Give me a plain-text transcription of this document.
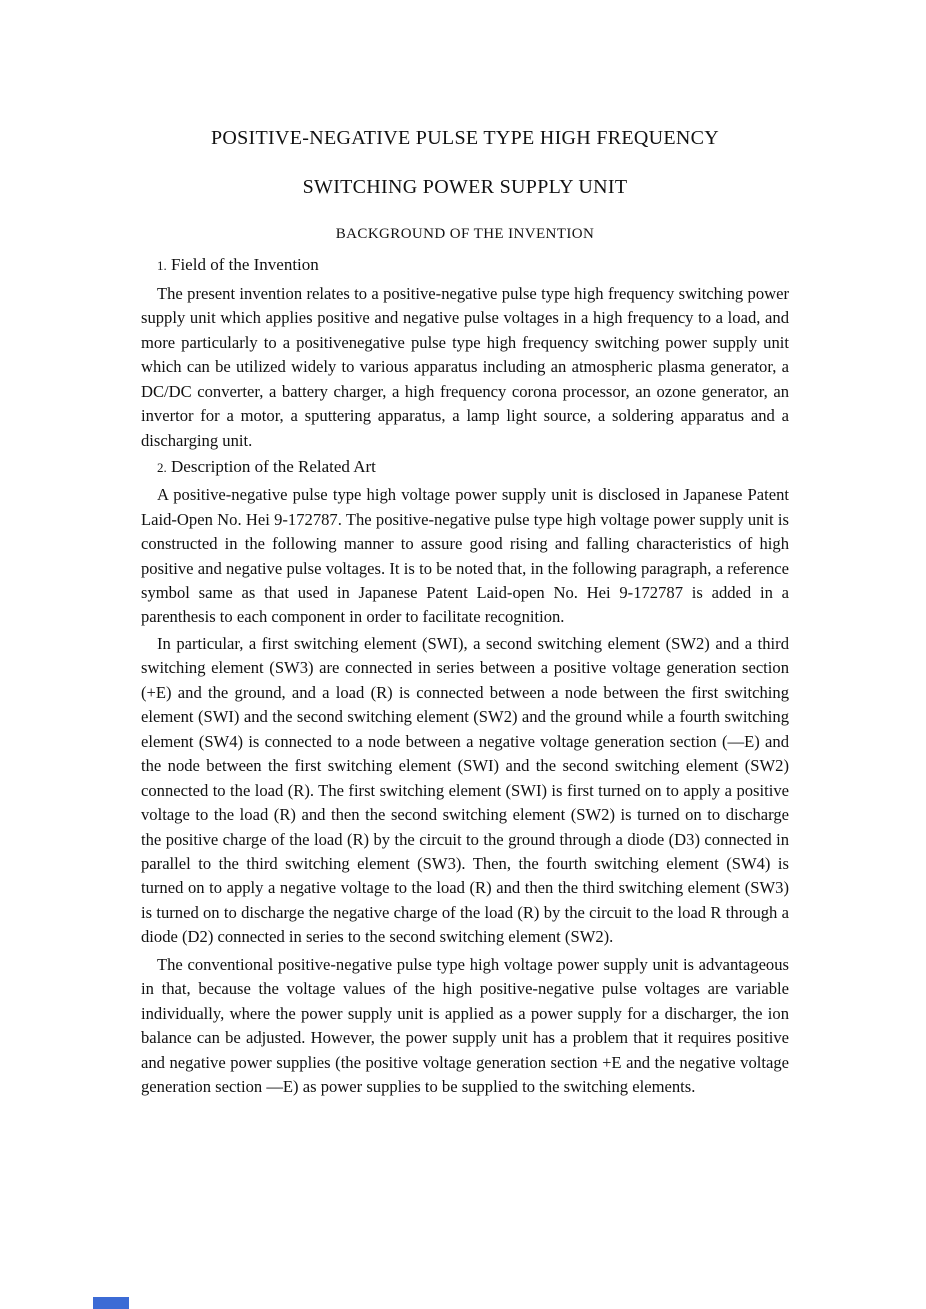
POSITIVE-NEGATIVE PULSE TYPE HIGH FREQUENCY
SWITCHING POWER SUPPLY UNIT
BACKGROUND OF THE INVENTION
1. Field of the Invention

The present invention relates to a positive-negative pulse type high frequency switching power supply unit which applies positive and negative pulse voltages in a high frequency to a load, and more particularly to a positivenegative pulse type high frequency switching power supply unit which can be utilized widely to various apparatus including an atmospheric plasma generator, a DC/DC converter, a battery charger, a high frequency corona processor, an ozone generator, an invertor for a motor, a sputtering apparatus, a lamp light source, a soldering apparatus and a discharging unit.

2. Description of the Related Art

A positive-negative pulse type high voltage power supply unit is disclosed in Japanese Patent Laid-Open No. Hei 9-172787. The positive-negative pulse type high voltage power supply unit is constructed in the following manner to assure good rising and falling characteristics of high positive and negative pulse voltages. It is to be noted that, in the following paragraph, a reference symbol same as that used in Japanese Patent Laid-open No. Hei 9-172787 is added in a parenthesis to each component in order to facilitate recognition.

In particular, a first switching element (SWI), a second switching element (SW2) and a third switching element (SW3) are connected in series between a positive voltage generation section (+E) and the ground, and a load (R) is connected between a node between the first switching element (SWI) and the second switching element (SW2) and the ground while a fourth switching element (SW4) is connected to a node between a negative voltage generation section (—E) and the node between the first switching element (SWI) and the second switching element (SW2) connected to the load (R). The first switching element (SWI) is first turned on to apply a positive voltage to the load (R) and then the second switching element (SW2) is turned on to discharge the positive charge of the load (R) by the circuit to the ground through a diode (D3) connected in parallel to the third switching element (SW3). Then, the fourth switching element (SW4) is turned on to apply a negative voltage to the load (R) and then the third switching element (SW3) is turned on to discharge the negative charge of the load (R) by the circuit to the load R through a diode (D2) connected in series to the second switching element (SW2).

The conventional positive-negative pulse type high voltage power supply unit is advantageous in that, because the voltage values of the high positive-negative pulse voltages are variable individually, where the power supply unit is applied as a power supply for a discharger, the ion balance can be adjusted. However, the power supply unit has a problem that it requires positive and negative power supplies (the positive voltage generation section +E and the negative voltage generation section —E) as power supplies to be supplied to the switching elements.
